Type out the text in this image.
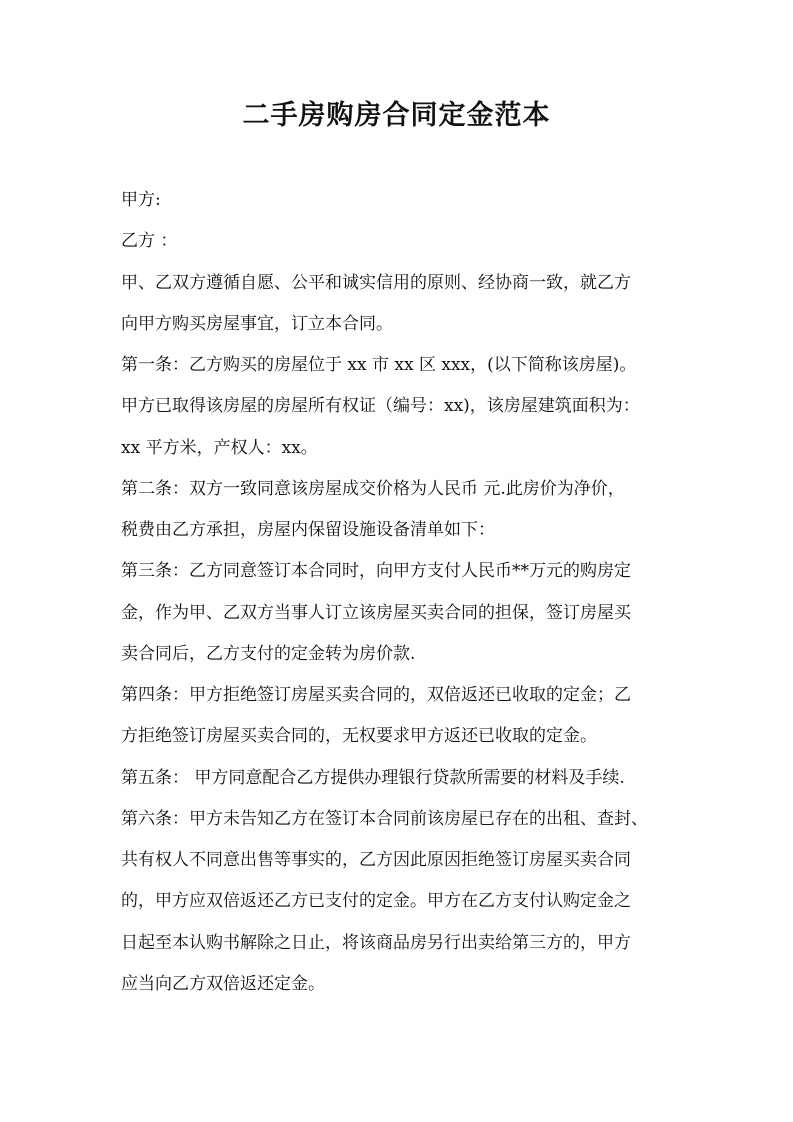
二手房购房合同定金范本
甲方:
乙方 ：
甲、乙双方遵循自愿、公平和诚实信用的原则、经协商一致，就乙方
向甲方购买房屋事宜，订立本合同。
第一条：乙方购买的房屋位于 xx 市 xx 区 xxx，(以下简称该房屋)。
甲方已取得该房屋的房屋所有权证（编号：xx)，该房屋建筑面积为：
xx 平方米，产权人：xx。
第二条：双方一致同意该房屋成交价格为人民币 元.此房价为净价，
税费由乙方承担，房屋内保留设施设备清单如下：
第三条：乙方同意签订本合同时，向甲方支付人民币**万元的购房定
金，作为甲、乙双方当事人订立该房屋买卖合同的担保，签订房屋买
卖合同后，乙方支付的定金转为房价款.
第四条：甲方拒绝签订房屋买卖合同的，双倍返还已收取的定金；乙
方拒绝签订房屋买卖合同的，无权要求甲方返还已收取的定金。
第五条： 甲方同意配合乙方提供办理银行贷款所需要的材料及手续.
第六条：甲方未告知乙方在签订本合同前该房屋已存在的出租、查封、
共有权人不同意出售等事实的，乙方因此原因拒绝签订房屋买卖合同
的，甲方应双倍返还乙方已支付的定金。甲方在乙方支付认购定金之
日起至本认购书解除之日止，将该商品房另行出卖给第三方的，甲方
应当向乙方双倍返还定金。
